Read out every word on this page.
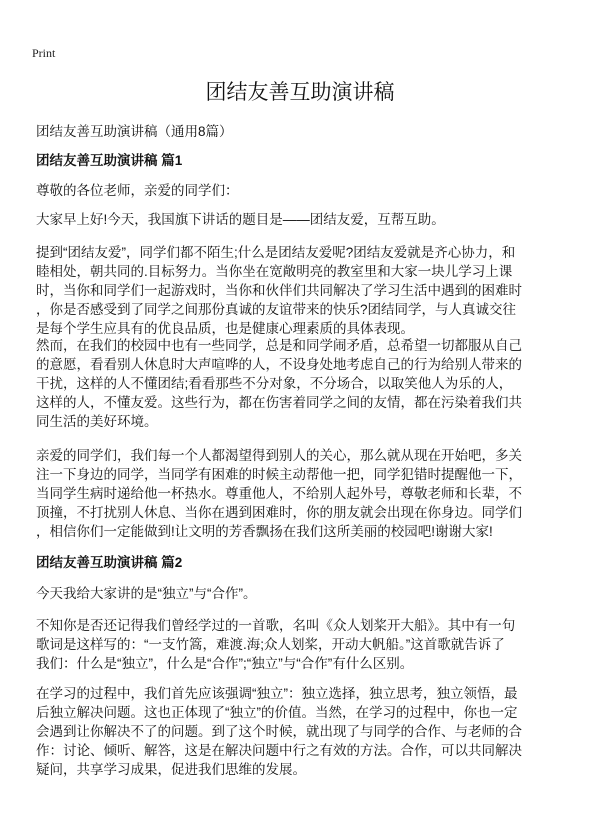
Print
团结友善互助演讲稿
团结友善互助演讲稿（通用8篇）
团结友善互助演讲稿 篇1
尊敬的各位老师，亲爱的同学们：
大家早上好!今天，我国旗下讲话的题目是——团结友爱，互帮互助。
提到“团结友爱”，同学们都不陌生;什么是团结友爱呢?团结友爱就是齐心协力，和
睦相处，朝共同的.目标努力。当你坐在宽敞明亮的教室里和大家一块儿学习上课
时，当你和同学们一起游戏时，当你和伙伴们共同解决了学习生活中遇到的困难时
，你是否感受到了同学之间那份真诚的友谊带来的快乐?团结同学，与人真诚交往
是每个学生应具有的优良品质，也是健康心理素质的具体表现。
然而，在我们的校园中也有一些同学，总是和同学闹矛盾，总希望一切都服从自己
的意愿，看看别人休息时大声喧哗的人，不设身处地考虑自己的行为给别人带来的
干扰，这样的人不懂团结;看看那些不分对象，不分场合，以取笑他人为乐的人，
这样的人，不懂友爱。这些行为，都在伤害着同学之间的友情，都在污染着我们共
同生活的美好环境。
亲爱的同学们，我们每一个人都渴望得到别人的关心，那么就从现在开始吧，多关
注一下身边的同学，当同学有困难的时候主动帮他一把，同学犯错时提醒他一下，
当同学生病时递给他一杯热水。尊重他人，不给别人起外号，尊敬老师和长辈，不
顶撞，不打扰别人休息、当你在遇到困难时，你的朋友就会出现在你身边。同学们
，相信你们一定能做到!让文明的芳香飘扬在我们这所美丽的校园吧!谢谢大家!
团结友善互助演讲稿 篇2
今天我给大家讲的是“独立”与“合作”。
不知你是否还记得我们曾经学过的一首歌，名叫《众人划桨开大船》。其中有一句
歌词是这样写的：“一支竹篙，难渡.海;众人划桨，开动大帆船。”这首歌就告诉了
我们：什么是“独立”，什么是“合作”;“独立”与“合作”有什么区别。
在学习的过程中，我们首先应该强调“独立”：独立选择，独立思考，独立领悟，最
后独立解决问题。这也正体现了“独立”的价值。当然，在学习的过程中，你也一定
会遇到让你解决不了的问题。到了这个时候，就出现了与同学的合作、与老师的合
作：讨论、倾听、解答，这是在解决问题中行之有效的方法。合作，可以共同解决
疑问，共享学习成果，促进我们思维的发展。
